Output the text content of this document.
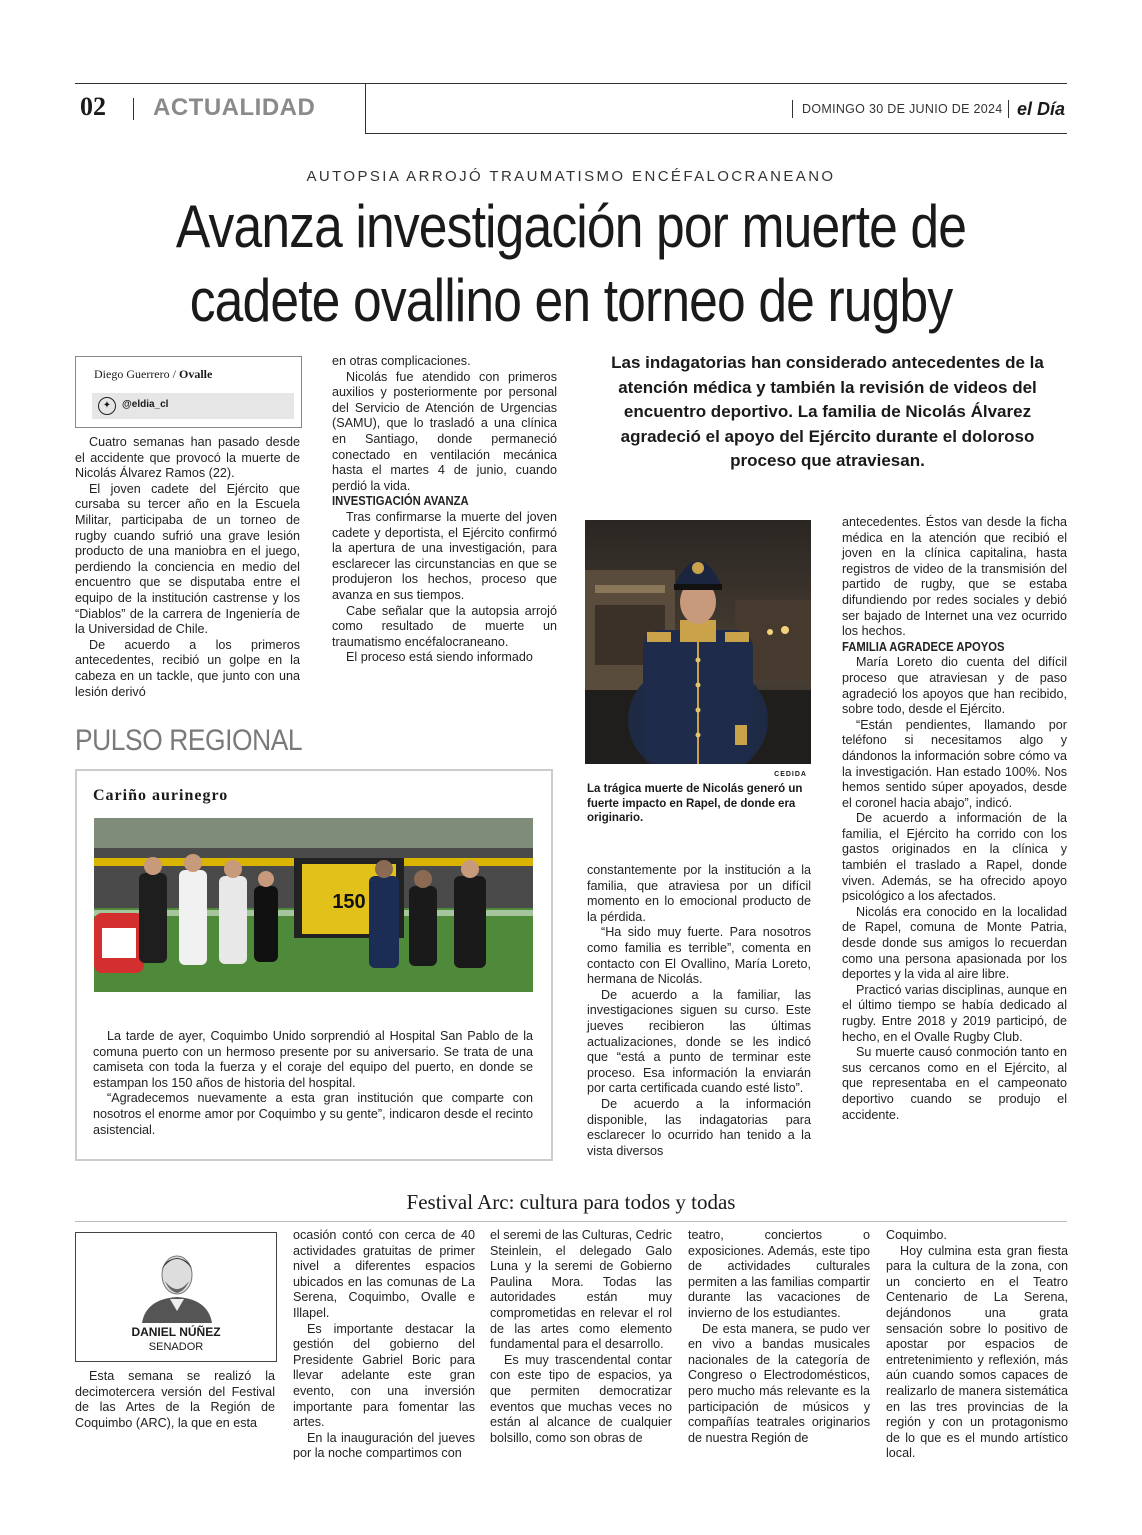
02 ACTUALIDAD	DOMINGO 30 DE JUNIO DE 2024 el Día
AUTOPSIA ARROJÓ TRAUMATISMO ENCÉFALOCRANEANO
Avanza investigación por muerte de
cadete ovallino en torneo de rugby
Diego Guerrero / Ovalle
✦	@eldia_cl

Cuatro semanas han pasado desde el accidente que provocó la muerte de Nicolás Álvarez Ramos (22).

El joven cadete del Ejército que cursaba su tercer año en la Escuela Militar, participaba de un torneo de rugby cuando sufrió una grave lesión producto de una maniobra en el juego, perdiendo la conciencia en medio del encuentro que se disputaba entre el equipo de la institución castrense y los “Diablos” de la carrera de Ingeniería de la Universidad de Chile.

De acuerdo a los primeros antecedentes, recibió un golpe en la cabeza en un tackle, que junto con una lesión derivó

en otras complicaciones.

Nicolás fue atendido con primeros auxilios y posteriormente por personal del Servicio de Atención de Urgencias (SAMU), que lo trasladó a una clínica en Santiago, donde permaneció conectado en ventilación mecánica hasta el martes 4 de junio, cuando perdió la vida.

INVESTIGACIÓN AVANZA

Tras confirmarse la muerte del joven cadete y deportista, el Ejército confirmó la apertura de una investigación, para esclarecer las circunstancias en que se produjeron los hechos, proceso que avanza en sus tiempos.

Cabe señalar que la autopsia arrojó como resultado de muerte un traumatismo encéfalocraneano.

El proceso está siendo informado

Las indagatorias han considerado antecedentes de la atención médica y también la revisión de videos del encuentro deportivo. La familia de Nicolás Álvarez agradeció el apoyo del Ejército durante el doloroso proceso que atraviesan.
CEDIDA
La trágica muerte de Nicolás generó un fuerte impacto en Rapel, de donde era originario.

constantemente por la institución a la familia, que atraviesa por un difícil momento en lo emocional producto de la pérdida.

“Ha sido muy fuerte. Para nosotros como familia es terrible”, comenta en contacto con El Ovallino, María Loreto, hermana de Nicolás.

De acuerdo a la familiar, las investigaciones siguen su curso. Este jueves recibieron las últimas actualizaciones, donde se les indicó que “está a punto de terminar este proceso. Esa información la enviarán por carta certificada cuando esté listo”.

De acuerdo a la información disponible, las indagatorias para esclarecer lo ocurrido han tenido a la vista diversos

antecedentes. Éstos van desde la ficha médica en la atención que recibió el joven en la clínica capitalina, hasta registros de video de la transmisión del partido de rugby, que se estaba difundiendo por redes sociales y debió ser bajado de Internet una vez ocurrido los hechos.

FAMILIA AGRADECE APOYOS

María Loreto dio cuenta del difícil proceso que atraviesan y de paso agradeció los apoyos que han recibido, sobre todo, desde el Ejército.

“Están pendientes, llamando por teléfono si necesitamos algo y dándonos la información sobre cómo va la investigación. Han estado 100%. Nos hemos sentido súper apoyados, desde el coronel hacia abajo”, indicó.

De acuerdo a información de la familia, el Ejército ha corrido con los gastos originados en la clínica y también el traslado a Rapel, donde viven. Además, se ha ofrecido apoyo psicológico a los afectados.

Nicolás era conocido en la localidad de Rapel, comuna de Monte Patria, desde donde sus amigos lo recuerdan como una persona apasionada por los deportes y la vida al aire libre.

Practicó varias disciplinas, aunque en el último tiempo se había dedicado al rugby. Entre 2018 y 2019 participó, de hecho, en el Ovalle Rugby Club.

Su muerte causó conmoción tanto en sus cercanos como en el Ejército, al que representaba en el campeonato deportivo cuando se produjo el accidente.

PULSO REGIONAL
Cariño aurinegro
150

La tarde de ayer, Coquimbo Unido sorprendió al Hospital San Pablo de la comuna puerto con un hermoso presente por su aniversario. Se trata de una camiseta con toda la fuerza y el coraje del equipo del puerto, en donde se estampan los 150 años de historia del hospital.

“Agradecemos nuevamente a esta gran institución que comparte con nosotros el enorme amor por Coquimbo y su gente”, indicaron desde el recinto asistencial.

Festival Arc: cultura para todos y todas
DANIEL NÚÑEZ
SENADOR

Esta semana se realizó la decimotercera versión del Festival de las Artes de la Región de Coquimbo (ARC), la que en esta

ocasión contó con cerca de 40 actividades gratuitas de primer nivel a diferentes espacios ubicados en las comunas de La Serena, Coquimbo, Ovalle e Illapel.

Es importante destacar la gestión del gobierno del Presidente Gabriel Boric para llevar adelante este gran evento, con una inversión importante para fomentar las artes.

En la inauguración del jueves por la noche compartimos con

el seremi de las Culturas, Cedric Steinlein, el delegado Galo Luna y la seremi de Gobierno Paulina Mora. Todas las autoridades están muy comprometidas en relevar el rol de las artes como elemento fundamental para el desarrollo.

Es muy trascendental contar con este tipo de espacios, ya que permiten democratizar eventos que muchas veces no están al alcance de cualquier bolsillo, como son obras de

teatro, conciertos o exposiciones. Además, este tipo de actividades culturales permiten a las familias compartir durante las vacaciones de invierno de los estudiantes.

De esta manera, se pudo ver en vivo a bandas musicales nacionales de la categoría de Congreso o Electrodomésticos, pero mucho más relevante es la participación de músicos y compañías teatrales originarios de nuestra Región de

Coquimbo.

Hoy culmina esta gran fiesta para la cultura de la zona, con un concierto en el Teatro Centenario de La Serena, dejándonos una grata sensación sobre lo positivo de apostar por espacios de entretenimiento y reflexión, más aún cuando somos capaces de realizarlo de manera sistemática en las tres provincias de la región y con un protagonismo de lo que es el mundo artístico local.
